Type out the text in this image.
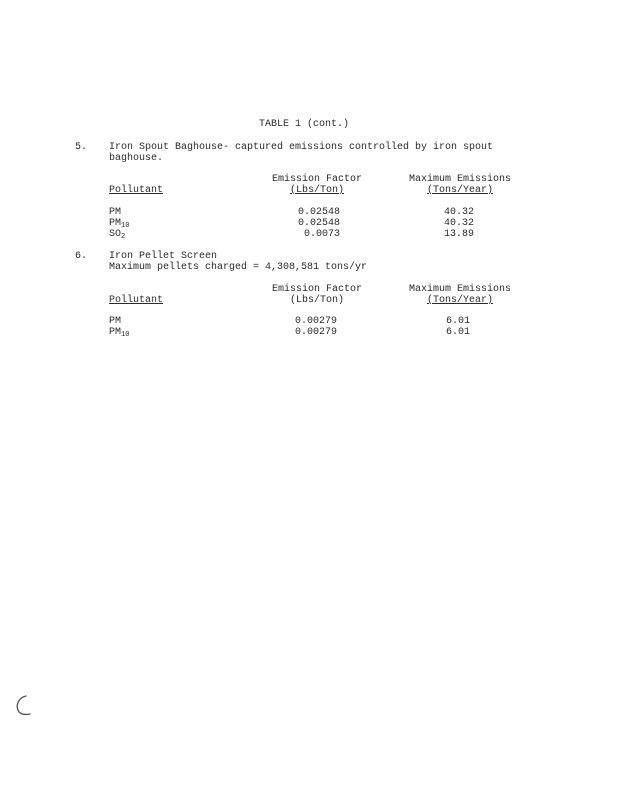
TABLE 1 (cont.)
5. Iron Spout Baghouse- captured emissions controlled by iron spout
baghouse.
Emission Factor	Maximum Emissions
Pollutant	(Lbs/Ton)	(Tons/Year)
PM	0.02548	40.32
$PM_{10}$	0.02548	40.32
$SO_2$	0.0073	13.89
6. Iron Pellet Screen
Maximum pellets charged = 4,308,581 tons/yr
Emission Factor	Maximum Emissions
Pollutant	(Lbs/Ton)	(Tons/Year)
PM	0.00279	6.01
$PM_{10}$	0.00279	6.01
